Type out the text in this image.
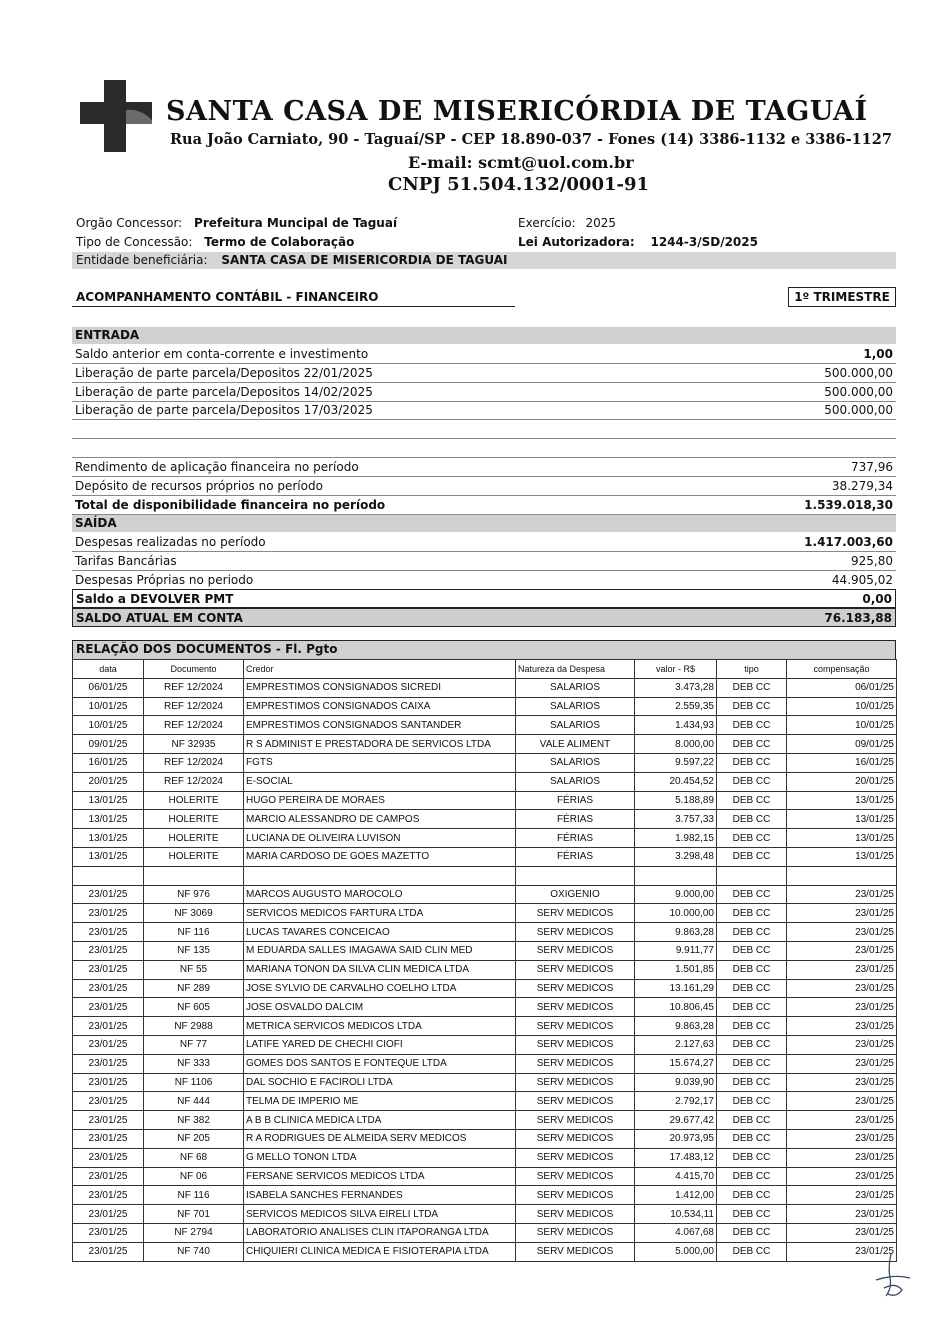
SANTA CASA DE MISERICÓRDIA DE TAGUAÍ
Rua João Carniato, 90 - Taguaí/SP - CEP 18.890-037 - Fones (14) 3386-1132 e 3386-1127
E-mail: scmt@uol.com.br
CNPJ 51.504.132/0001-91
Orgão Concessor: Prefeitura Muncipal de Taguaí
Tipo de Concessão: Termo de Colaboração
Entidade beneficiária: SANTA CASA DE MISERICORDIA DE TAGUAI
Exercício: 2025
Lei Autorizadora: 1244-3/SD/2025
ACOMPANHAMENTO CONTÁBIL - FINANCEIRO	1º TRIMESTRE
ENTRADA
Saldo anterior em conta-corrente e investimento	1,00
Liberação de parte parcela/Depositos 22/01/2025	500.000,00
Liberação de parte parcela/Depositos 14/02/2025	500.000,00
Liberação de parte parcela/Depositos 17/03/2025	500.000,00
Rendimento de aplicação financeira no período	737,96
Depósito de recursos próprios no período	38.279,34
Total de disponibilidade financeira no período	1.539.018,30
SAÍDA
Despesas realizadas no período	1.417.003,60
Tarifas Bancárias	925,80
Despesas Próprias no periodo	44.905,02
Saldo a DEVOLVER PMT	0,00
SALDO ATUAL EM CONTA	76.183,88
RELAÇÃO DOS DOCUMENTOS - Fl. Pgto
data	Documento	Credor	Natureza da Despesa	valor - R$	tipo	compensação
06/01/25	REF 12/2024	EMPRESTIMOS CONSIGNADOS SICREDI	SALARIOS	3.473,28	DEB CC	06/01/25
10/01/25	REF 12/2024	EMPRESTIMOS CONSIGNADOS CAIXA	SALARIOS	2.559,35	DEB CC	10/01/25
10/01/25	REF 12/2024	EMPRESTIMOS CONSIGNADOS SANTANDER	SALARIOS	1.434,93	DEB CC	10/01/25
09/01/25	NF 32935	R S ADMINIST E PRESTADORA DE SERVICOS LTDA	VALE ALIMENT	8.000,00	DEB CC	09/01/25
16/01/25	REF 12/2024	FGTS	SALARIOS	9.597,22	DEB CC	16/01/25
20/01/25	REF 12/2024	E-SOCIAL	SALARIOS	20.454,52	DEB CC	20/01/25
13/01/25	HOLERITE	HUGO PEREIRA DE MORAES	FÉRIAS	5.188,89	DEB CC	13/01/25
13/01/25	HOLERITE	MARCIO ALESSANDRO DE CAMPOS	FÉRIAS	3.757,33	DEB CC	13/01/25
13/01/25	HOLERITE	LUCIANA DE OLIVEIRA LUVISON	FÉRIAS	1.982,15	DEB CC	13/01/25
13/01/25	HOLERITE	MARIA CARDOSO DE GOES MAZETTO	FÉRIAS	3.298,48	DEB CC	13/01/25

23/01/25	NF 976	MARCOS AUGUSTO MAROCOLO	OXIGENIO	9.000,00	DEB CC	23/01/25
23/01/25	NF 3069	SERVICOS MEDICOS FARTURA LTDA	SERV MEDICOS	10.000,00	DEB CC	23/01/25
23/01/25	NF 116	LUCAS TAVARES CONCEICAO	SERV MEDICOS	9.863,28	DEB CC	23/01/25
23/01/25	NF 135	M EDUARDA SALLES IMAGAWA SAID CLIN MED	SERV MEDICOS	9.911,77	DEB CC	23/01/25
23/01/25	NF 55	MARIANA TONON DA SILVA CLIN MEDICA LTDA	SERV MEDICOS	1.501,85	DEB CC	23/01/25
23/01/25	NF 289	JOSE SYLVIO DE CARVALHO COELHO LTDA	SERV MEDICOS	13.161,29	DEB CC	23/01/25
23/01/25	NF 605	JOSE OSVALDO DALCIM	SERV MEDICOS	10.806,45	DEB CC	23/01/25
23/01/25	NF 2988	METRICA SERVICOS MEDICOS LTDA	SERV MEDICOS	9.863,28	DEB CC	23/01/25
23/01/25	NF 77	LATIFE YARED DE CHECHI CIOFI	SERV MEDICOS	2.127,63	DEB CC	23/01/25
23/01/25	NF 333	GOMES DOS SANTOS E FONTEQUE LTDA	SERV MEDICOS	15.674,27	DEB CC	23/01/25
23/01/25	NF 1106	DAL SOCHIO E FACIROLI LTDA	SERV MEDICOS	9.039,90	DEB CC	23/01/25
23/01/25	NF 444	TELMA DE IMPERIO ME	SERV MEDICOS	2.792,17	DEB CC	23/01/25
23/01/25	NF 382	A B B CLINICA MEDICA LTDA	SERV MEDICOS	29.677,42	DEB CC	23/01/25
23/01/25	NF 205	R A RODRIGUES DE ALMEIDA SERV MEDICOS	SERV MEDICOS	20.973,95	DEB CC	23/01/25
23/01/25	NF 68	G MELLO TONON LTDA	SERV MEDICOS	17.483,12	DEB CC	23/01/25
23/01/25	NF 06	FERSANE SERVICOS MEDICOS LTDA	SERV MEDICOS	4.415,70	DEB CC	23/01/25
23/01/25	NF 116	ISABELA SANCHES FERNANDES	SERV MEDICOS	1.412,00	DEB CC	23/01/25
23/01/25	NF 701	SERVICOS MEDICOS SILVA EIRELI LTDA	SERV MEDICOS	10.534,11	DEB CC	23/01/25
23/01/25	NF 2794	LABORATORIO ANALISES CLIN ITAPORANGA LTDA	SERV MEDICOS	4.067,68	DEB CC	23/01/25
23/01/25	NF 740	CHIQUIERI CLINICA MEDICA E FISIOTERAPIA LTDA	SERV MEDICOS	5.000,00	DEB CC	23/01/25
